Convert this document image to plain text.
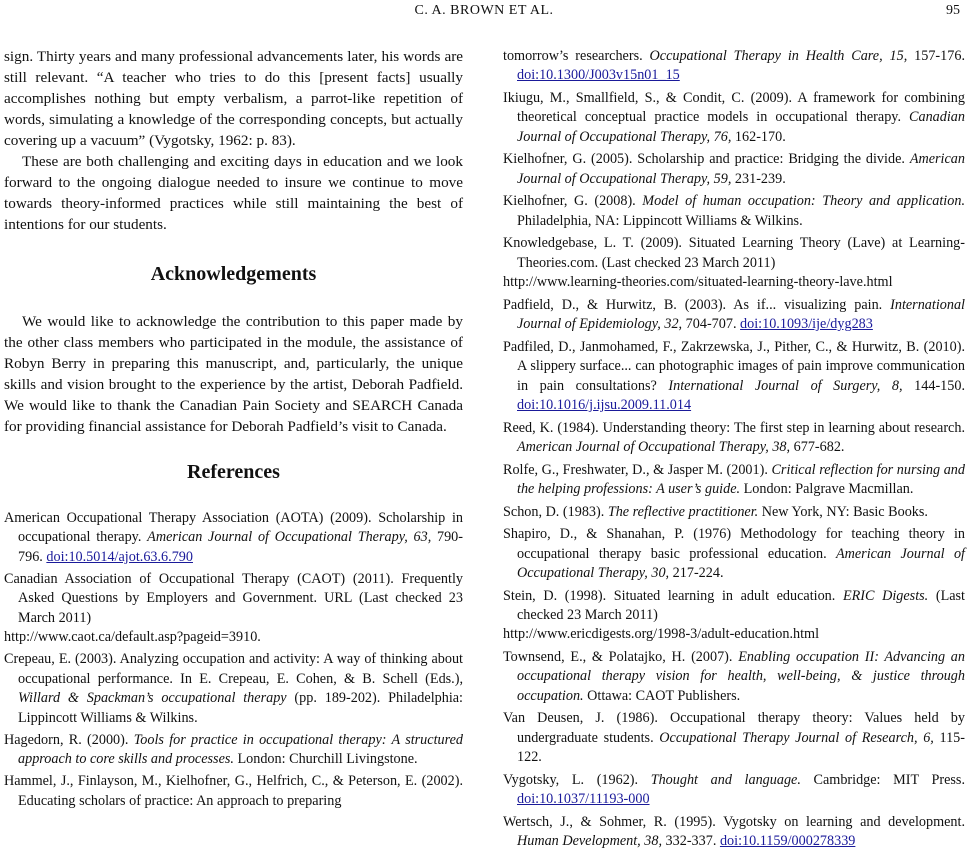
C. A. BROWN ET AL.	95

sign. Thirty years and many professional advancements later, his words are still relevant. “A teacher who tries to do this [present facts] usually accomplishes nothing but empty verbalism, a parrot-like repetition of words, simulating a knowledge of the corresponding concepts, but actually covering up a vacuum” (Vygotsky, 1962: p. 83).

These are both challenging and exciting days in education and we look forward to the ongoing dialogue needed to insure we continue to move towards theory-informed practices while still maintaining the best of intentions for our students.

Acknowledgements

We would like to acknowledge the contribution to this paper made by the other class members who participated in the module, the assistance of Robyn Berry in preparing this manuscript, and, particularly, the unique skills and vision brought to the experience by the artist, Deborah Padfield. We would like to thank the Canadian Pain Society and SEARCH Canada for providing financial assistance for Deborah Padfield’s visit to Canada.

References

American Occupational Therapy Association (AOTA) (2009). Scholarship in occupational therapy. American Journal of Occupational Therapy, 63, 790-796. doi:10.5014/ajot.63.6.790

Canadian Association of Occupational Therapy (CAOT) (2011). Frequently Asked Questions by Employers and Government. URL (Last checked 23 March 2011)
http://www.caot.ca/default.asp?pageid=3910.

Crepeau, E. (2003). Analyzing occupation and activity: A way of thinking about occupational performance. In E. Crepeau, E. Cohen, & B. Schell (Eds.), Willard & Spackman’s occupational therapy (pp. 189-202). Philadelphia: Lippincott Williams & Wilkins.

Hagedorn, R. (2000). Tools for practice in occupational therapy: A structured approach to core skills and processes. London: Churchill Livingstone.

Hammel, J., Finlayson, M., Kielhofner, G., Helfrich, C., & Peterson, E. (2002). Educating scholars of practice: An approach to preparing

tomorrow’s researchers. Occupational Therapy in Health Care, 15, 157-176. doi:10.1300/J003v15n01_15

Ikiugu, M., Smallfield, S., & Condit, C. (2009). A framework for combining theoretical conceptual practice models in occupational therapy. Canadian Journal of Occupational Therapy, 76, 162-170.

Kielhofner, G. (2005). Scholarship and practice: Bridging the divide. American Journal of Occupational Therapy, 59, 231-239.

Kielhofner, G. (2008). Model of human occupation: Theory and application. Philadelphia, NA: Lippincott Williams & Wilkins.

Knowledgebase, L. T. (2009). Situated Learning Theory (Lave) at Learning-Theories.com. (Last checked 23 March 2011)
http://www.learning-theories.com/situated-learning-theory-lave.html

Padfield, D., & Hurwitz, B. (2003). As if... visualizing pain. International Journal of Epidemiology, 32, 704-707. doi:10.1093/ije/dyg283

Padfiled, D., Janmohamed, F., Zakrzewska, J., Pither, C., & Hurwitz, B. (2010). A slippery surface... can photographic images of pain improve communication in pain consultations? International Journal of Surgery, 8, 144-150. doi:10.1016/j.ijsu.2009.11.014

Reed, K. (1984). Understanding theory: The first step in learning about research. American Journal of Occupational Therapy, 38, 677-682.

Rolfe, G., Freshwater, D., & Jasper M. (2001). Critical reflection for nursing and the helping professions: A user’s guide. London: Palgrave Macmillan.

Schon, D. (1983). The reflective practitioner. New York, NY: Basic Books.

Shapiro, D., & Shanahan, P. (1976) Methodology for teaching theory in occupational therapy basic professional education. American Journal of Occupational Therapy, 30, 217-224.

Stein, D. (1998). Situated learning in adult education. ERIC Digests. (Last checked 23 March 2011)
http://www.ericdigests.org/1998-3/adult-education.html

Townsend, E., & Polatajko, H. (2007). Enabling occupation II: Advancing an occupational therapy vision for health, well-being, & justice through occupation. Ottawa: CAOT Publishers.

Van Deusen, J. (1986). Occupational therapy theory: Values held by undergraduate students. Occupational Therapy Journal of Research, 6, 115-122.

Vygotsky, L. (1962). Thought and language. Cambridge: MIT Press. doi:10.1037/11193-000

Wertsch, J., & Sohmer, R. (1995). Vygotsky on learning and development. Human Development, 38, 332-337. doi:10.1159/000278339
